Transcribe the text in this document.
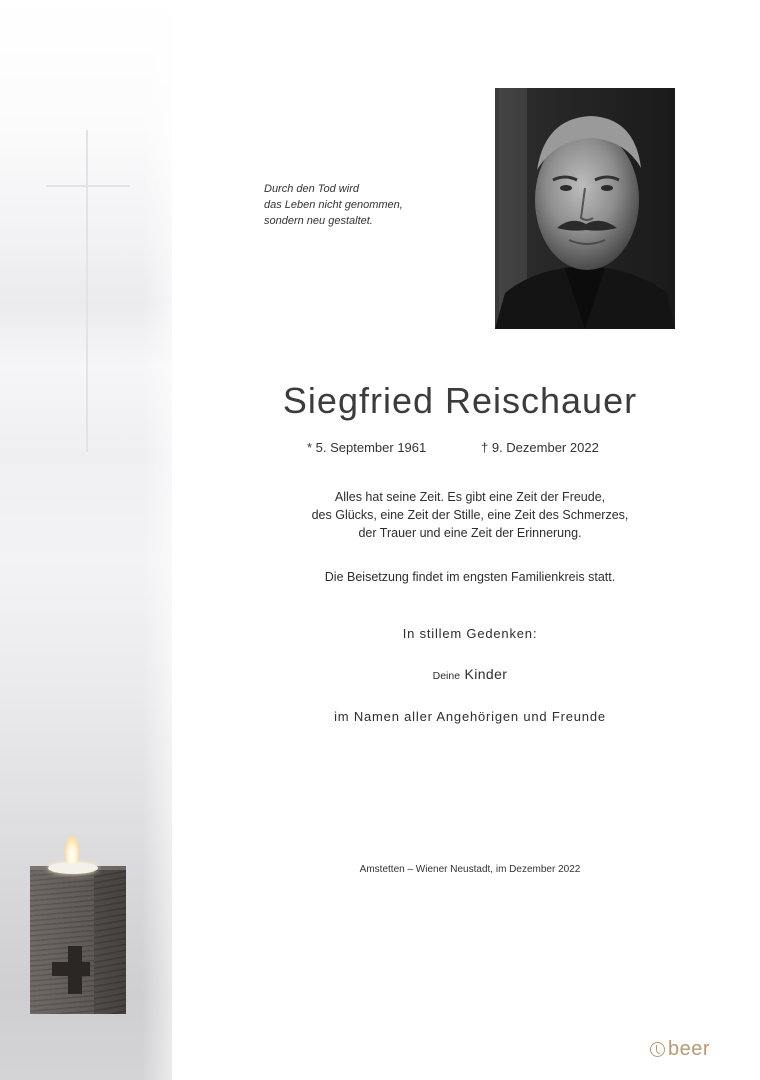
Durch den Tod wird
das Leben nicht genommen,
sondern neu gestaltet.
Siegfried Reischauer
* 5. September 1961	† 9. Dezember 2022
Alles hat seine Zeit. Es gibt eine Zeit der Freude,
des Glücks, eine Zeit der Stille, eine Zeit des Schmerzes,
der Trauer und eine Zeit der Erinnerung.
Die Beisetzung findet im engsten Familienkreis statt.
In stillem Gedenken:
Deine Kinder
im Namen aller Angehörigen und Freunde
Amstetten – Wiener Neustadt, im Dezember 2022
beer
